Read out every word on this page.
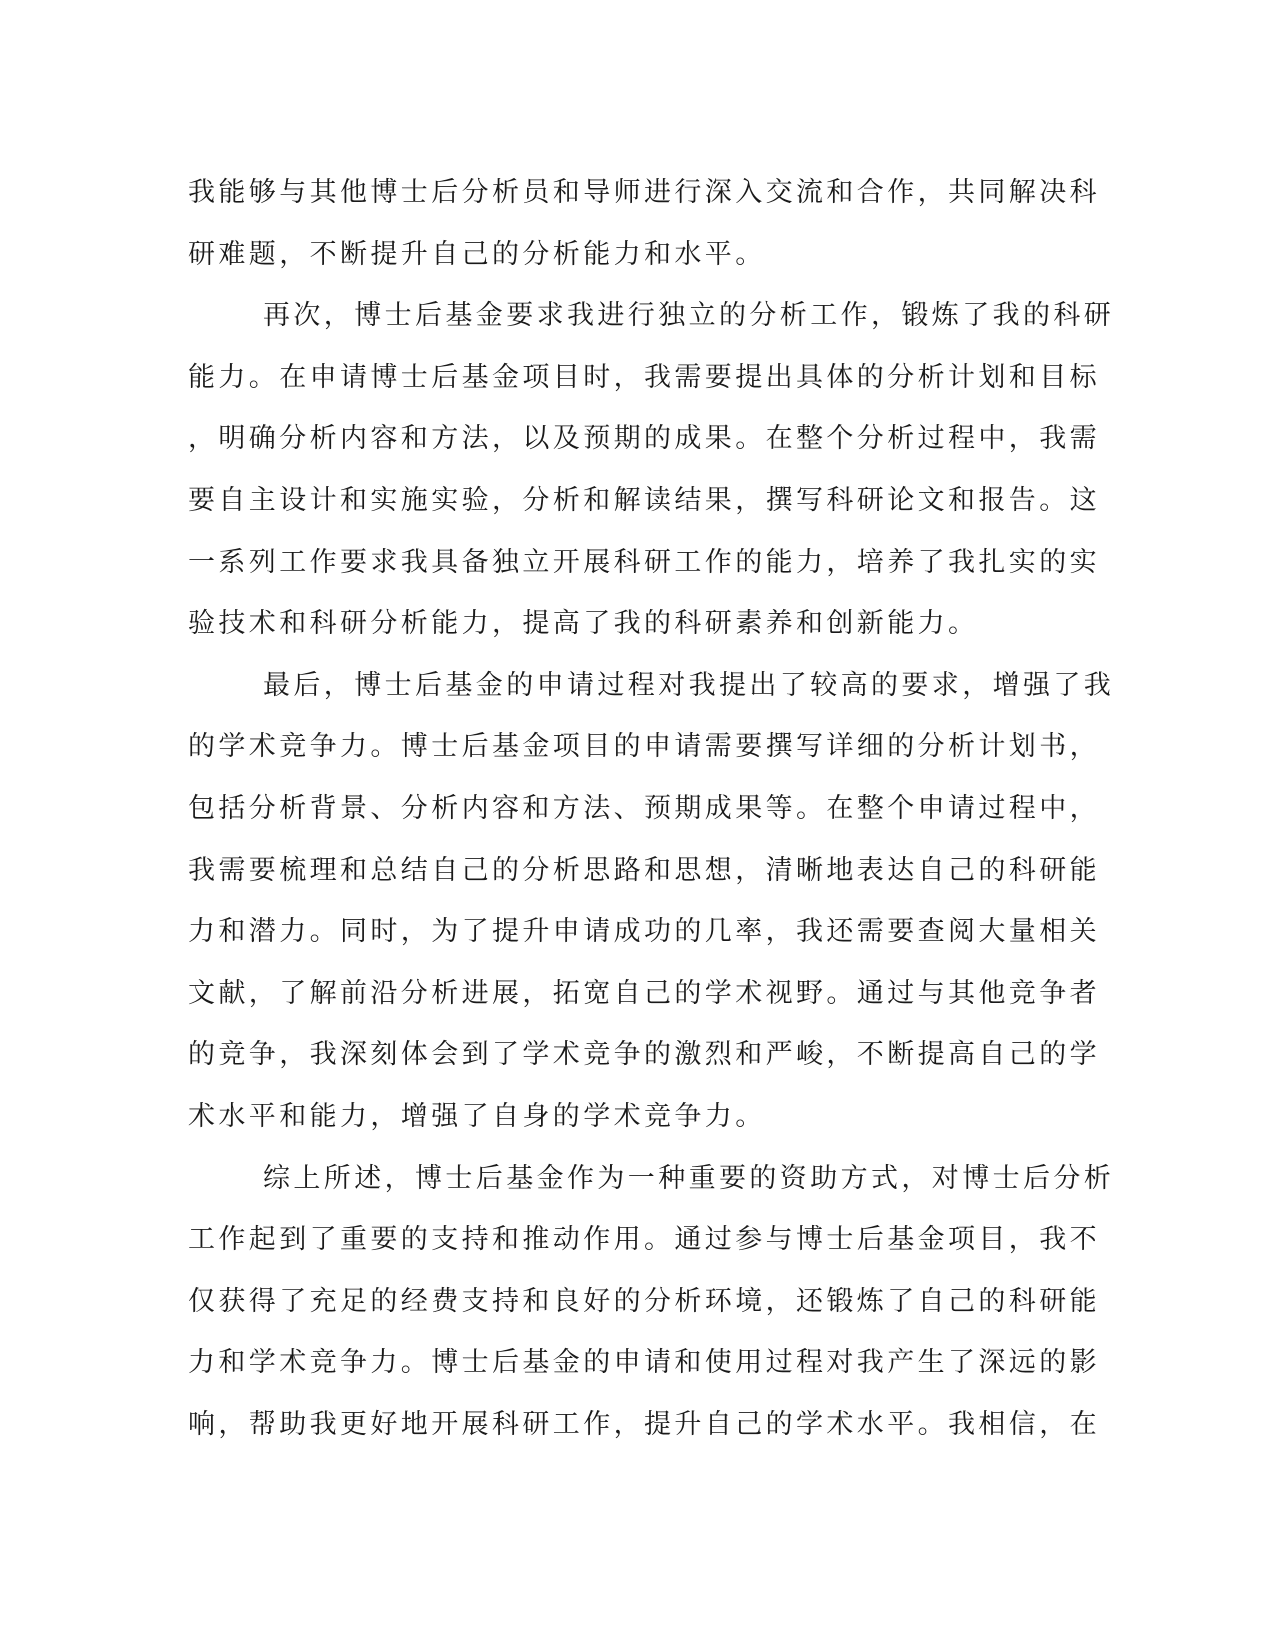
我能够与其他博士后分析员和导师进行深入交流和合作，共同解决科
研难题，不断提升自己的分析能力和水平。
再次，博士后基金要求我进行独立的分析工作，锻炼了我的科研
能力。在申请博士后基金项目时，我需要提出具体的分析计划和目标
，明确分析内容和方法，以及预期的成果。在整个分析过程中，我需
要自主设计和实施实验，分析和解读结果，撰写科研论文和报告。这
一系列工作要求我具备独立开展科研工作的能力，培养了我扎实的实
验技术和科研分析能力，提高了我的科研素养和创新能力。
最后，博士后基金的申请过程对我提出了较高的要求，增强了我
的学术竞争力。博士后基金项目的申请需要撰写详细的分析计划书，
包括分析背景、分析内容和方法、预期成果等。在整个申请过程中，
我需要梳理和总结自己的分析思路和思想，清晰地表达自己的科研能
力和潜力。同时，为了提升申请成功的几率，我还需要查阅大量相关
文献，了解前沿分析进展，拓宽自己的学术视野。通过与其他竞争者
的竞争，我深刻体会到了学术竞争的激烈和严峻，不断提高自己的学
术水平和能力，增强了自身的学术竞争力。
综上所述，博士后基金作为一种重要的资助方式，对博士后分析
工作起到了重要的支持和推动作用。通过参与博士后基金项目，我不
仅获得了充足的经费支持和良好的分析环境，还锻炼了自己的科研能
力和学术竞争力。博士后基金的申请和使用过程对我产生了深远的影
响，帮助我更好地开展科研工作，提升自己的学术水平。我相信，在
